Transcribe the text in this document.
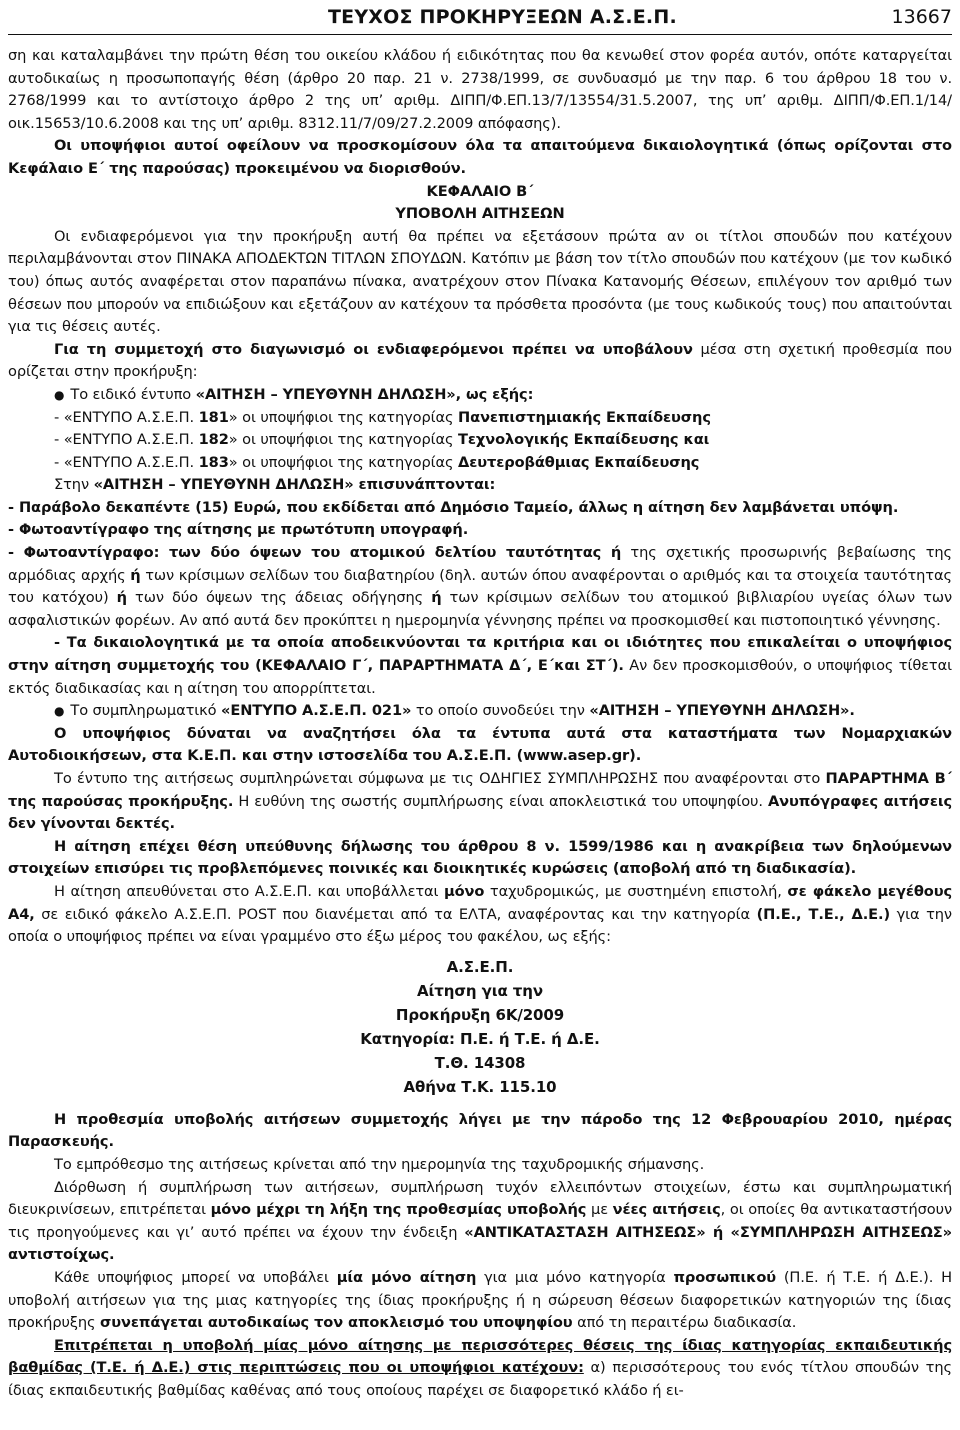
ΤΕΥΧΟΣ ΠΡΟΚΗΡΥΞΕΩΝ Α.Σ.Ε.Π.	13667

ση και καταλαμβάνει την πρώτη θέση του οικείου κλάδου ή ειδικότητας που θα κενωθεί στον φορέα αυτόν, οπότε καταργείται αυτοδικαίως η προσωποπαγής θέση (άρθρο 20 παρ. 21 ν. 2738/1999, σε συνδυασμό με την παρ. 6 του άρθρου 18 του ν. 2768/1999 και το αντίστοιχο άρθρο 2 της υπ’ αριθμ. ΔΙΠΠ/Φ.ΕΠ.13/7/13554/31.5.2007, της υπ’ αριθμ. ΔΙΠΠ/Φ.ΕΠ.1/14/οικ.15653/10.6.2008 και της υπ’ αριθμ. 8312.11/7/09/27.2.2009 απόφασης).

Οι υποψήφιοι αυτοί οφείλουν να προσκομίσουν όλα τα απαιτούμενα δικαιολογητικά (όπως ορίζονται στο Κεφάλαιο Ε΄ της παρούσας) προκειμένου να διορισθούν.

ΚΕΦΑΛΑΙΟ Β΄

ΥΠΟΒΟΛΗ ΑΙΤΗΣΕΩΝ

Οι ενδιαφερόμενοι για την προκήρυξη αυτή θα πρέπει να εξετάσουν πρώτα αν οι τίτλοι σπουδών που κατέχουν περιλαμβάνονται στον ΠΙΝΑΚΑ ΑΠΟΔΕΚΤΩΝ ΤΙΤΛΩΝ ΣΠΟΥΔΩΝ. Κατόπιν με βάση τον τίτλο σπουδών που κατέχουν (με τον κωδικό του) όπως αυτός αναφέρεται στον παραπάνω πίνακα, ανατρέχουν στον Πίνακα Κατανομής Θέσεων, επιλέγουν τον αριθμό των θέσεων που μπορούν να επιδιώξουν και εξετάζουν αν κατέχουν τα πρόσθετα προσόντα (με τους κωδικούς τους) που απαιτούνται για τις θέσεις αυτές.

Για τη συμμετοχή στο διαγωνισμό οι ενδιαφερόμενοι πρέπει να υποβάλουν μέσα στη σχετική προθεσμία που ορίζεται στην προκήρυξη:

● Το ειδικό έντυπο «ΑΙΤΗΣΗ – ΥΠΕΥΘΥΝΗ ΔΗΛΩΣΗ», ως εξής:

- «ΕΝΤΥΠΟ Α.Σ.Ε.Π. 181» οι υποψήφιοι της κατηγορίας Πανεπιστημιακής Εκπαίδευσης

- «ΕΝΤΥΠΟ Α.Σ.Ε.Π. 182» οι υποψήφιοι της κατηγορίας Τεχνολογικής Εκπαίδευσης και

- «ΕΝΤΥΠΟ Α.Σ.Ε.Π. 183» οι υποψήφιοι της κατηγορίας Δευτεροβάθμιας Εκπαίδευσης

Στην «ΑΙΤΗΣΗ – ΥΠΕΥΘΥΝΗ ΔΗΛΩΣΗ» επισυνάπτονται:

- Παράβολο δεκαπέντε (15) Ευρώ, που εκδίδεται από Δημόσιο Ταμείο, άλλως η αίτηση δεν λαμβάνεται υπόψη.

- Φωτοαντίγραφο της αίτησης με πρωτότυπη υπογραφή.

- Φωτοαντίγραφο: των δύο όψεων του ατομικού δελτίου ταυτότητας ή της σχετικής προσωρινής βεβαίωσης της αρμόδιας αρχής ή των κρίσιμων σελίδων του διαβατηρίου (δηλ. αυτών όπου αναφέρονται ο αριθμός και τα στοιχεία ταυτότητας του κατόχου) ή των δύο όψεων της άδειας οδήγησης ή των κρίσιμων σελίδων του ατομικού βιβλιαρίου υγείας όλων των ασφαλιστικών φορέων. Αν από αυτά δεν προκύπτει η ημερομηνία γέννησης πρέπει να προσκομισθεί και πιστοποιητικό γέννησης.

- Τα δικαιολογητικά με τα οποία αποδεικνύονται τα κριτήρια και οι ιδιότητες που επικαλείται ο υποψήφιος στην αίτηση συμμετοχής του (ΚΕΦΑΛΑΙΟ Γ΄, ΠΑΡΑΡΤΗΜΑΤΑ Δ΄, Ε΄και ΣΤ΄). Αν δεν προσκομισθούν, ο υποψήφιος τίθεται εκτός διαδικασίας και η αίτηση του απορρίπτεται.

● Το συμπληρωματικό «ΕΝΤΥΠΟ Α.Σ.Ε.Π. 021» το οποίο συνοδεύει την «ΑΙΤΗΣΗ – ΥΠΕΥΘΥΝΗ ΔΗΛΩΣΗ».

Ο υποψήφιος δύναται να αναζητήσει όλα τα έντυπα αυτά στα καταστήματα των Νομαρχιακών Αυτοδιοικήσεων, στα Κ.Ε.Π. και στην ιστοσελίδα του Α.Σ.Ε.Π. (www.asep.gr).

Το έντυπο της αιτήσεως συμπληρώνεται σύμφωνα με τις ΟΔΗΓΙΕΣ ΣΥΜΠΛΗΡΩΣΗΣ που αναφέρονται στο ΠΑΡΑΡΤΗΜΑ Β΄ της παρούσας προκήρυξης. Η ευθύνη της σωστής συμπλήρωσης είναι αποκλειστικά του υποψηφίου. Ανυπόγραφες αιτήσεις δεν γίνονται δεκτές.

Η αίτηση επέχει θέση υπεύθυνης δήλωσης του άρθρου 8 ν. 1599/1986 και η ανακρίβεια των δηλούμενων στοιχείων επισύρει τις προβλεπόμενες ποινικές και διοικητικές κυρώσεις (αποβολή από τη διαδικασία).

Η αίτηση απευθύνεται στο Α.Σ.Ε.Π. και υποβάλλεται μόνο ταχυδρομικώς, με συστημένη επιστολή, σε φάκελο μεγέθους Α4, σε ειδικό φάκελο Α.Σ.Ε.Π. POST που διανέμεται από τα ΕΛΤΑ, αναφέροντας και την κατηγορία (Π.Ε., Τ.Ε., Δ.Ε.) για την οποία ο υποψήφιος πρέπει να είναι γραμμένο στο έξω μέρος του φακέλου, ως εξής:

Α.Σ.Ε.Π.
Αίτηση για την
Προκήρυξη 6Κ/2009
Κατηγορία: Π.Ε. ή Τ.Ε. ή Δ.Ε.
Τ.Θ. 14308
Αθήνα Τ.Κ. 115.10

Η προθεσμία υποβολής αιτήσεων συμμετοχής λήγει με την πάροδο της 12 Φεβρουαρίου 2010, ημέρας Παρασκευής.

Το εμπρόθεσμο της αιτήσεως κρίνεται από την ημερομηνία της ταχυδρομικής σήμανσης.

Διόρθωση ή συμπλήρωση των αιτήσεων, συμπλήρωση τυχόν ελλειπόντων στοιχείων, έστω και συμπληρωματική διευκρινίσεων, επιτρέπεται μόνο μέχρι τη λήξη της προθεσμίας υποβολής με νέες αιτήσεις, οι οποίες θα αντικαταστήσουν τις προηγούμενες και γι’ αυτό πρέπει να έχουν την ένδειξη «ΑΝΤΙΚΑΤΑΣΤΑΣΗ ΑΙΤΗΣΕΩΣ» ή «ΣΥΜΠΛΗΡΩΣΗ ΑΙΤΗΣΕΩΣ» αντιστοίχως.

Κάθε υποψήφιος μπορεί να υποβάλει μία μόνο αίτηση για μια μόνο κατηγορία προσωπικού (Π.Ε. ή Τ.Ε. ή Δ.Ε.). Η υποβολή αιτήσεων για της μιας κατηγορίες της ίδιας προκήρυξης ή η σώρευση θέσεων διαφορετικών κατηγοριών της ίδιας προκήρυξης συνεπάγεται αυτοδικαίως τον αποκλεισμό του υποψηφίου από τη περαιτέρω διαδικασία.

Επιτρέπεται η υποβολή μίας μόνο αίτησης με περισσότερες θέσεις της ίδιας κατηγορίας εκπαιδευτικής βαθμίδας (Τ.Ε. ή Δ.Ε.) στις περιπτώσεις που οι υποψήφιοι κατέχουν: α) περισσότερους του ενός τίτλου σπουδών της ίδιας εκπαιδευτικής βαθμίδας καθένας από τους οποίους παρέχει σε διαφορετικό κλάδο ή ει-
